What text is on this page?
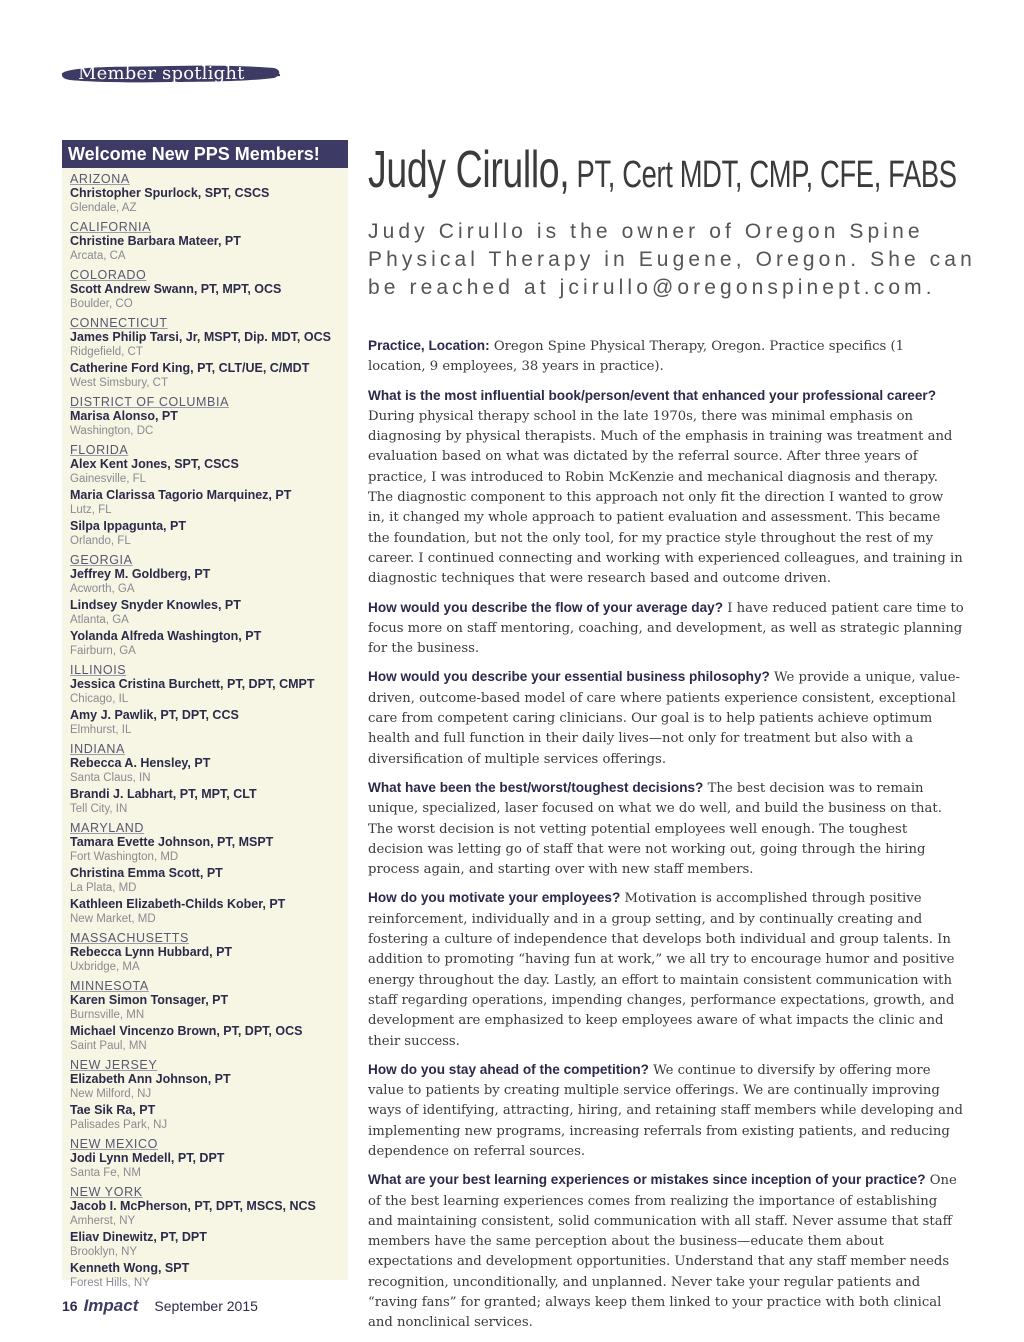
Member spotlight
Welcome New PPS Members!
ARIZONA
Christopher Spurlock, SPT, CSCS
Glendale, AZ
CALIFORNIA
Christine Barbara Mateer, PT
Arcata, CA
COLORADO
Scott Andrew Swann, PT, MPT, OCS
Boulder, CO
CONNECTICUT
James Philip Tarsi, Jr, MSPT, Dip. MDT, OCS
Ridgefield, CT
Catherine Ford King, PT, CLT/UE, C/MDT
West Simsbury, CT
DISTRICT OF COLUMBIA
Marisa Alonso, PT
Washington, DC
FLORIDA
Alex Kent Jones, SPT, CSCS
Gainesville, FL
Maria Clarissa Tagorio Marquinez, PT
Lutz, FL
Silpa Ippagunta, PT
Orlando, FL
GEORGIA
Jeffrey M. Goldberg, PT
Acworth, GA
Lindsey Snyder Knowles, PT
Atlanta, GA
Yolanda Alfreda Washington, PT
Fairburn, GA
ILLINOIS
Jessica Cristina Burchett, PT, DPT, CMPT
Chicago, IL
Amy J. Pawlik, PT, DPT, CCS
Elmhurst, IL
INDIANA
Rebecca A. Hensley, PT
Santa Claus, IN
Brandi J. Labhart, PT, MPT, CLT
Tell City, IN
MARYLAND
Tamara Evette Johnson, PT, MSPT
Fort Washington, MD
Christina Emma Scott, PT
La Plata, MD
Kathleen Elizabeth-Childs Kober, PT
New Market, MD
MASSACHUSETTS
Rebecca Lynn Hubbard, PT
Uxbridge, MA
MINNESOTA
Karen Simon Tonsager, PT
Burnsville, MN
Michael Vincenzo Brown, PT, DPT, OCS
Saint Paul, MN
NEW JERSEY
Elizabeth Ann Johnson, PT
New Milford, NJ
Tae Sik Ra, PT
Palisades Park, NJ
NEW MEXICO
Jodi Lynn Medell, PT, DPT
Santa Fe, NM
NEW YORK
Jacob I. McPherson, PT, DPT, MSCS, NCS
Amherst, NY
Eliav Dinewitz, PT, DPT
Brooklyn, NY
Kenneth Wong, SPT
Forest Hills, NY
Judy Cirullo, PT, Cert MDT, CMP, CFE, FABS
Judy Cirullo is the owner of Oregon Spine Physical Therapy in Eugene, Oregon. She can be reached at jcirullo@oregonspinept.com.

Practice, Location: Oregon Spine Physical Therapy, Oregon. Practice specifics (1 location, 9 employees, 38 years in practice).

What is the most influential book/person/event that enhanced your professional career? During physical therapy school in the late 1970s, there was minimal emphasis on diagnosing by physical therapists. Much of the emphasis in training was treatment and evaluation based on what was dictated by the referral source. After three years of practice, I was introduced to Robin McKenzie and mechanical diagnosis and therapy. The diagnostic component to this approach not only fit the direction I wanted to grow in, it changed my whole approach to patient evaluation and assessment. This became the foundation, but not the only tool, for my practice style throughout the rest of my career. I continued connecting and working with experienced colleagues, and training in diagnostic techniques that were research based and outcome driven.

How would you describe the flow of your average day? I have reduced patient care time to focus more on staff mentoring, coaching, and development, as well as strategic planning for the business.

How would you describe your essential business philosophy? We provide a unique, value-driven, outcome-based model of care where patients experience consistent, exceptional care from competent caring clinicians. Our goal is to help patients achieve optimum health and full function in their daily lives—not only for treatment but also with a diversification of multiple services offerings.

What have been the best/worst/toughest decisions? The best decision was to remain unique, specialized, laser focused on what we do well, and build the business on that. The worst decision is not vetting potential employees well enough. The toughest decision was letting go of staff that were not working out, going through the hiring process again, and starting over with new staff members.

How do you motivate your employees? Motivation is accomplished through positive reinforcement, individually and in a group setting, and by continually creating and fostering a culture of independence that develops both individual and group talents. In addition to promoting “having fun at work,” we all try to encourage humor and positive energy throughout the day. Lastly, an effort to maintain consistent communication with staff regarding operations, impending changes, performance expectations, growth, and development are emphasized to keep employees aware of what impacts the clinic and their success.

How do you stay ahead of the competition? We continue to diversify by offering more value to patients by creating multiple service offerings. We are continually improving ways of identifying, attracting, hiring, and retaining staff members while developing and implementing new programs, increasing referrals from existing patients, and reducing dependence on referral sources.

What are your best learning experiences or mistakes since inception of your practice? One of the best learning experiences comes from realizing the importance of establishing and maintaining consistent, solid communication with all staff. Never assume that staff members have the same perception about the business—educate them about expectations and development opportunities. Understand that any staff member needs recognition, unconditionally, and unplanned. Never take your regular patients and “raving fans” for granted; always keep them linked to your practice with both clinical and nonclinical services.

16 Impact September 2015
